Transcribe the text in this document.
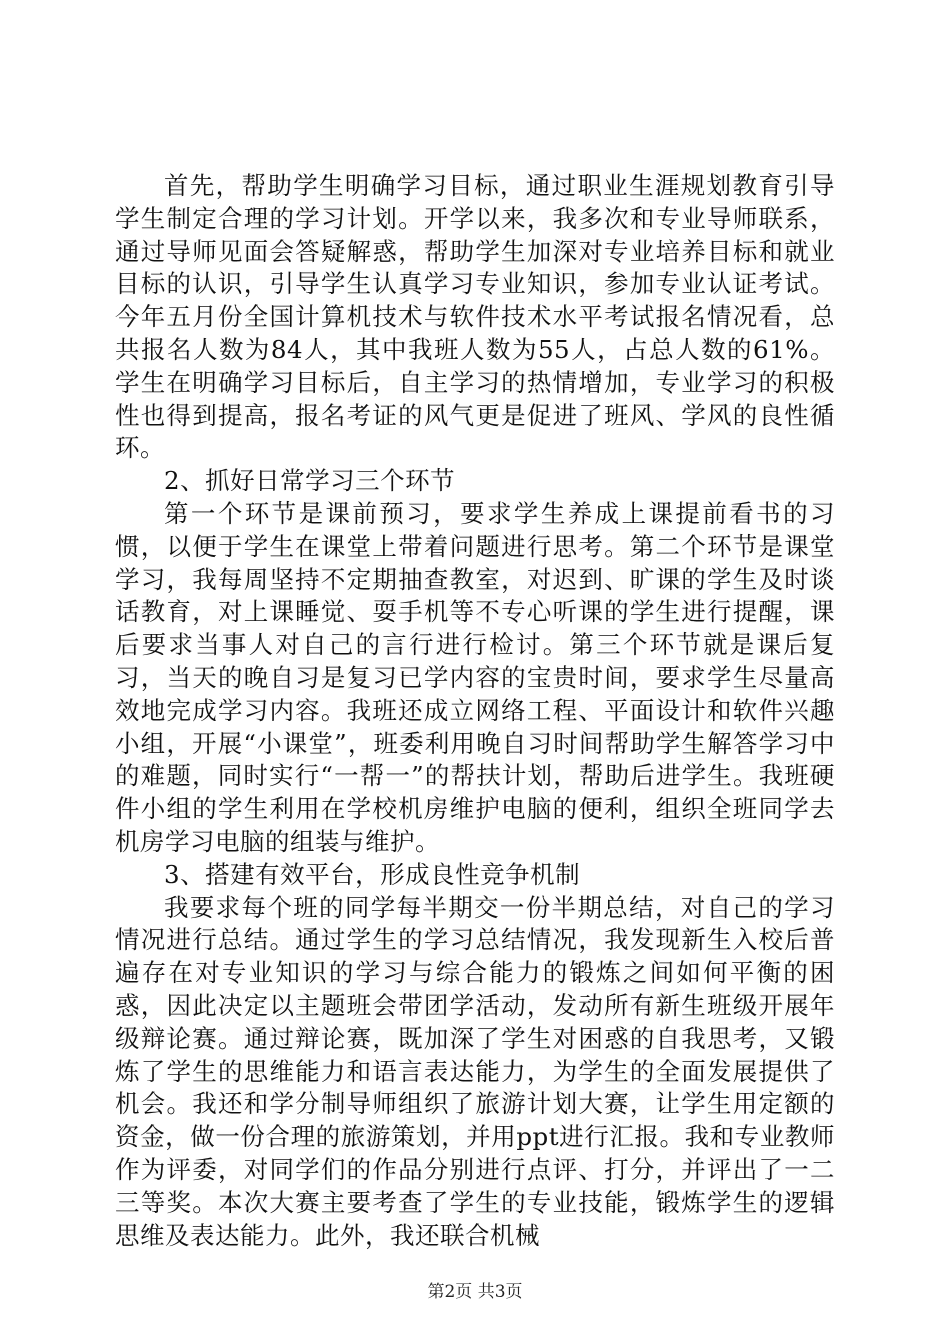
首先，帮助学生明确学习目标，通过职业生涯规划教育引导学生制定合理的学习计划。开学以来，我多次和专业导师联系，通过导师见面会答疑解惑，帮助学生加深对专业培养目标和就业目标的认识，引导学生认真学习专业知识，参加专业认证考试。今年五月份全国计算机技术与软件技术水平考试报名情况看，总共报名人数为84人，其中我班人数为55人，占总人数的61%。学生在明确学习目标后，自主学习的热情增加，专业学习的积极性也得到提高，报名考证的风气更是促进了班风、学风的良性循环。

2、抓好日常学习三个环节

第一个环节是课前预习，要求学生养成上课提前看书的习惯，以便于学生在课堂上带着问题进行思考。第二个环节是课堂学习，我每周坚持不定期抽查教室，对迟到、旷课的学生及时谈话教育，对上课睡觉、耍手机等不专心听课的学生进行提醒，课后要求当事人对自己的言行进行检讨。第三个环节就是课后复习，当天的晚自习是复习已学内容的宝贵时间，要求学生尽量高效地完成学习内容。我班还成立网络工程、平面设计和软件兴趣小组，开展“小课堂”，班委利用晚自习时间帮助学生解答学习中的难题，同时实行“一帮一”的帮扶计划，帮助后进学生。我班硬件小组的学生利用在学校机房维护电脑的便利，组织全班同学去机房学习电脑的组装与维护。

3、搭建有效平台，形成良性竞争机制

我要求每个班的同学每半期交一份半期总结，对自己的学习情况进行总结。通过学生的学习总结情况，我发现新生入校后普遍存在对专业知识的学习与综合能力的锻炼之间如何平衡的困惑，因此决定以主题班会带团学活动，发动所有新生班级开展年级辩论赛。通过辩论赛，既加深了学生对困惑的自我思考，又锻炼了学生的思维能力和语言表达能力，为学生的全面发展提供了机会。我还和学分制导师组织了旅游计划大赛，让学生用定额的资金，做一份合理的旅游策划，并用ppt进行汇报。我和专业教师作为评委，对同学们的作品分别进行点评、打分，并评出了一二三等奖。本次大赛主要考查了学生的专业技能，锻炼学生的逻辑思维及表达能力。此外，我还联合机械

第2页 共3页
